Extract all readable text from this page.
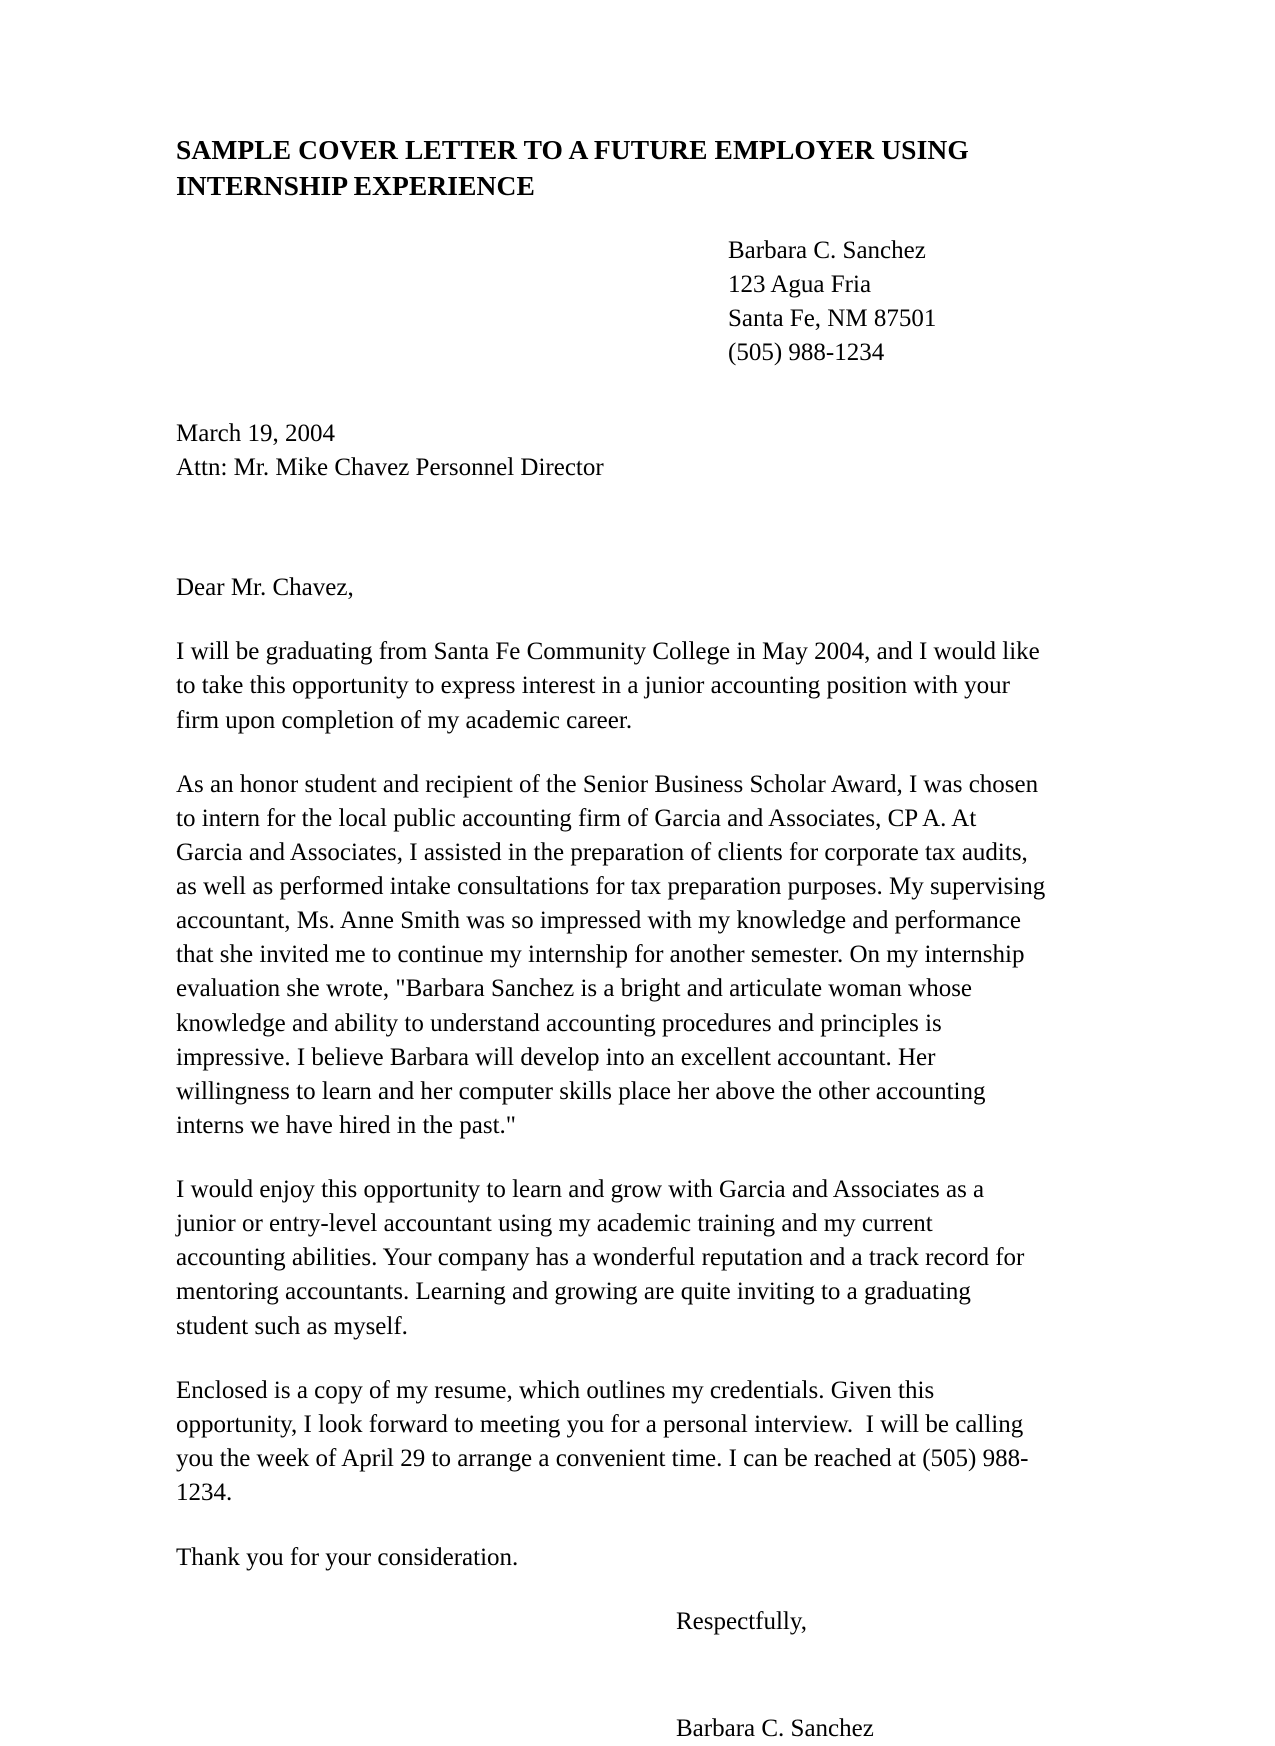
SAMPLE COVER LETTER TO A FUTURE EMPLOYER USING
INTERNSHIP EXPERIENCE
Barbara C. Sanchez
123 Agua Fria
Santa Fe, NM 87501
(505) 988-1234
March 19, 2004
Attn: Mr. Mike Chavez Personnel Director
Dear Mr. Chavez,

I will be graduating from Santa Fe Community College in May 2004, and I would like to take this opportunity to express interest in a junior accounting position with your firm upon completion of my academic career.

As an honor student and recipient of the Senior Business Scholar Award, I was chosen to intern for the local public accounting firm of Garcia and Associates, CP A. At Garcia and Associates, I assisted in the preparation of clients for corporate tax audits, as well as performed intake consultations for tax preparation purposes. My supervising accountant, Ms. Anne Smith was so impressed with my knowledge and performance that she invited me to continue my internship for another semester. On my internship evaluation she wrote, "Barbara Sanchez is a bright and articulate woman whose knowledge and ability to understand accounting procedures and principles is impressive. I believe Barbara will develop into an excellent accountant. Her willingness to learn and her computer skills place her above the other accounting interns we have hired in the past."

I would enjoy this opportunity to learn and grow with Garcia and Associates as a junior or entry-level accountant using my academic training and my current accounting abilities. Your company has a wonderful reputation and a track record for mentoring accountants. Learning and growing are quite inviting to a graduating student such as myself.

Enclosed is a copy of my resume, which outlines my credentials. Given this opportunity, I look forward to meeting you for a personal interview.  I will be calling you the week of April 29 to arrange a convenient time. I can be reached at (505) 988-1234.

Thank you for your consideration.
Respectfully,
Barbara C. Sanchez
